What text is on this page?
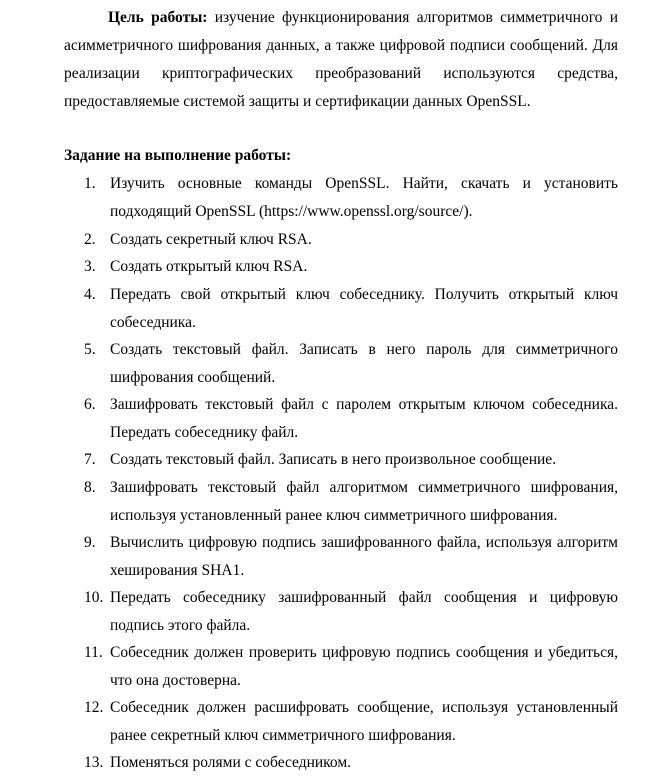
Цель работы: изучение функционирования алгоритмов симметричного и асимметричного шифрования данных, а также цифровой подписи сообщений. Для реализации криптографических преобразований используются средства, предоставляемые системой защиты и сертификации данных OpenSSL.

Задание на выполнение работы:

1. Изучить основные команды OpenSSL. Найти, скачать и установить подходящий OpenSSL (https://www.openssl.org/source/).
2. Создать секретный ключ RSA.
3. Создать открытый ключ RSA.
4. Передать свой открытый ключ собеседнику. Получить открытый ключ собеседника.
5. Создать текстовый файл. Записать в него пароль для симметричного шифрования сообщений.
6. Зашифровать текстовый файл с паролем открытым ключом собеседника. Передать собеседнику файл.
7. Создать текстовый файл. Записать в него произвольное сообщение.
8. Зашифровать текстовый файл алгоритмом симметричного шифрования, используя установленный ранее ключ симметричного шифрования.
9. Вычислить цифровую подпись зашифрованного файла, используя алгоритм хеширования SHA1.
10. Передать собеседнику зашифрованный файл сообщения и цифровую подпись этого файла.
11. Собеседник должен проверить цифровую подпись сообщения и убедиться, что она достоверна.
12. Собеседник должен расшифровать сообщение, используя установленный ранее секретный ключ симметричного шифрования.
13. Поменяться ролями с собеседником.
